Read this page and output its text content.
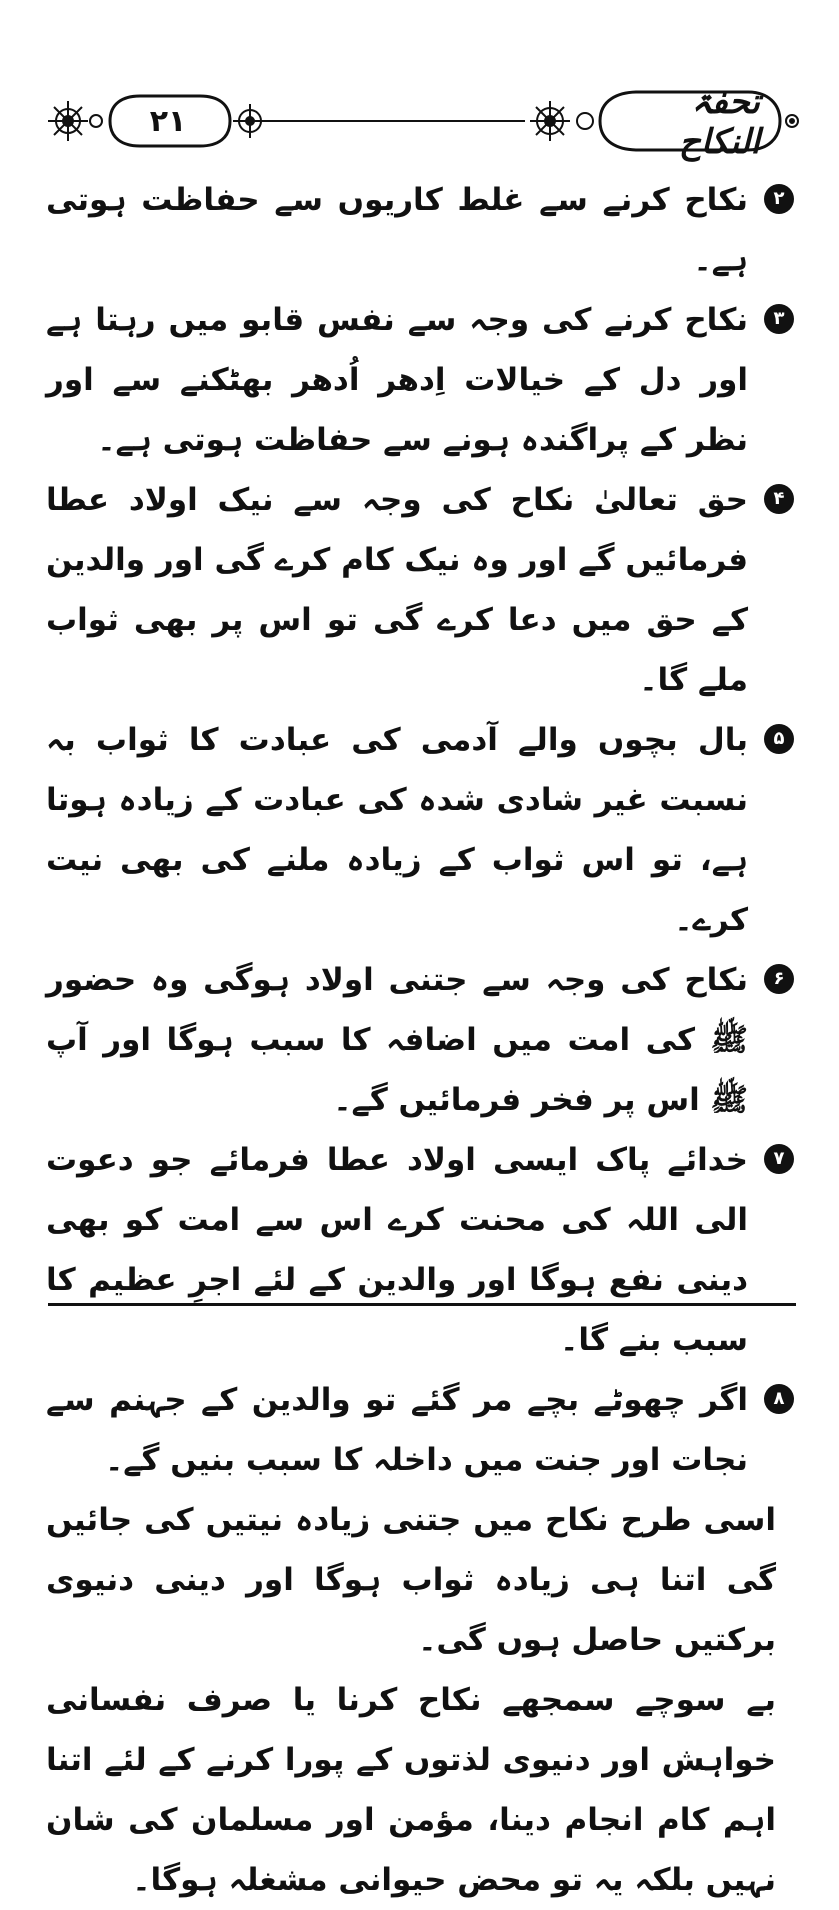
تحفۃ النکاح
۲۱
۲

نکاح کرنے سے غلط کاریوں سے حفاظت ہوتی ہے۔

۳

نکاح کرنے کی وجہ سے نفس قابو میں رہتا ہے اور دل کے خیالات اِدھر اُدھر بھٹکنے سے اور نظر کے پراگندہ ہونے سے حفاظت ہوتی ہے۔

۴

حق تعالیٰ نکاح کی وجہ سے نیک اولاد عطا فرمائیں گے اور وہ نیک کام کرے گی اور والدین کے حق میں دعا کرے گی تو اس پر بھی ثواب ملے گا۔

۵

بال بچوں والے آدمی کی عبادت کا ثواب بہ نسبت غیر شادی شدہ کی عبادت کے زیادہ ہوتا ہے، تو اس ثواب کے زیادہ ملنے کی بھی نیت کرے۔

۶

نکاح کی وجہ سے جتنی اولاد ہوگی وہ حضور ﷺ کی امت میں اضافہ کا سبب ہوگا اور آپ ﷺ اس پر فخر فرمائیں گے۔

۷

خدائے پاک ایسی اولاد عطا فرمائے جو دعوت الی اللہ کی محنت کرے اس سے امت کو بھی دینی نفع ہوگا اور والدین کے لئے اجرِ عظیم کا سبب بنے گا۔

۸

اگر چھوٹے بچے مر گئے تو والدین کے جہنم سے نجات اور جنت میں داخلہ کا سبب بنیں گے۔

اسی طرح نکاح میں جتنی زیادہ نیتیں کی جائیں گی اتنا ہی زیادہ ثواب ہوگا اور دینی دنیوی برکتیں حاصل ہوں گی۔

بے سوچے سمجھے نکاح کرنا یا صرف نفسانی خواہش اور دنیوی لذتوں کے پورا کرنے کے لئے اتنا اہم کام انجام دینا، مؤمن اور مسلمان کی شان نہیں بلکہ یہ تو محض حیوانی مشغلہ ہوگا۔
